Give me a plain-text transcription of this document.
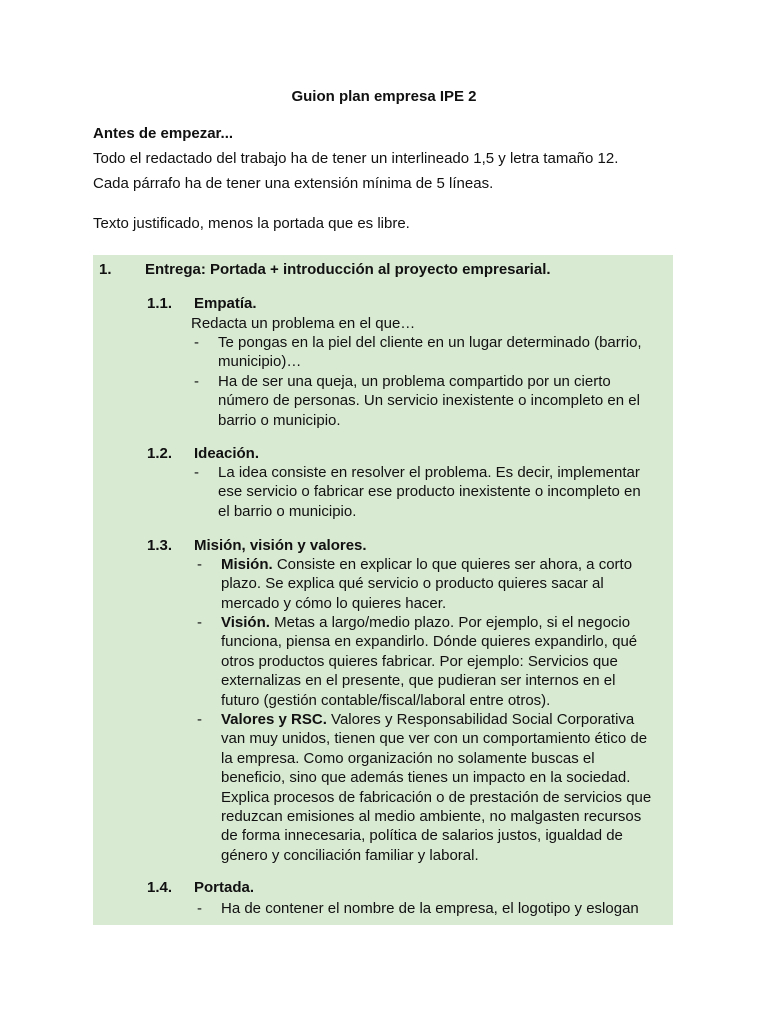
Guion plan empresa IPE 2
Antes de empezar...
Todo el redactado del trabajo ha de tener un interlineado 1,5 y letra tamaño 12.
Cada párrafo ha de tener una extensión mínima de 5 líneas.
Texto justificado, menos la portada que es libre.
1. Entrega: Portada + introducción al proyecto empresarial.
1.1. Empatía.
Redacta un problema en el que…
- Te pongas en la piel del cliente en un lugar determinado (barrio,
municipio)…
- Ha de ser una queja, un problema compartido por un cierto
número de personas. Un servicio inexistente o incompleto en el
barrio o municipio.
1.2. Ideación.
- La idea consiste en resolver el problema. Es decir, implementar
ese servicio o fabricar ese producto inexistente o incompleto en
el barrio o municipio.
1.3. Misión, visión y valores.
- Misión. Consiste en explicar lo que quieres ser ahora, a corto
plazo. Se explica qué servicio o producto quieres sacar al
mercado y cómo lo quieres hacer.
- Visión. Metas a largo/medio plazo. Por ejemplo, si el negocio
funciona, piensa en expandirlo. Dónde quieres expandirlo, qué
otros productos quieres fabricar. Por ejemplo: Servicios que
externalizas en el presente, que pudieran ser internos en el
futuro (gestión contable/fiscal/laboral entre otros).
- Valores y RSC. Valores y Responsabilidad Social Corporativa
van muy unidos, tienen que ver con un comportamiento ético de
la empresa. Como organización no solamente buscas el
beneficio, sino que además tienes un impacto en la sociedad.
Explica procesos de fabricación o de prestación de servicios que
reduzcan emisiones al medio ambiente, no malgasten recursos
de forma innecesaria, política de salarios justos, igualdad de
género y conciliación familiar y laboral.
1.4. Portada.
- Ha de contener el nombre de la empresa, el logotipo y eslogan
